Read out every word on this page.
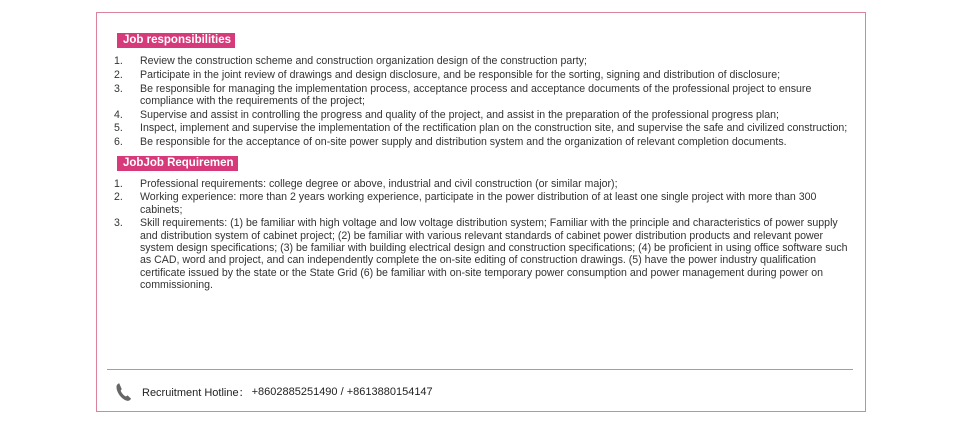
Job responsibilities
1. Review the construction scheme and construction organization design of the construction party;
2. Participate in the joint review of drawings and design disclosure, and be responsible for the sorting, signing and distribution of disclosure;
3. Be responsible for managing the implementation process, acceptance process and acceptance documents of the professional project to ensure compliance with the requirements of the project;
4. Supervise and assist in controlling the progress and quality of the project, and assist in the preparation of the professional progress plan;
5. Inspect, implement and supervise the implementation of the rectification plan on the construction site, and supervise the safe and civilized construction;
6. Be responsible for the acceptance of on-site power supply and distribution system and the organization of relevant completion documents.
JobJob Requiremen
1. Professional requirements: college degree or above, industrial and civil construction (or similar major);
2. Working experience: more than 2 years working experience, participate in the power distribution of at least one single project with more than 300 cabinets;
3. Skill requirements: (1) be familiar with high voltage and low voltage distribution system; Familiar with the principle and characteristics of power supply and distribution system of cabinet project; (2) be familiar with various relevant standards of cabinet power distribution products and relevant power system design specifications; (3) be familiar with building electrical design and construction specifications; (4) be proficient in using office software such as CAD, word and project, and can independently complete the on-site editing of construction drawings. (5) have the power industry qualification certificate issued by the state or the State Grid (6) be familiar with on-site temporary power consumption and power management during power on commissioning.
Recruitment Hotline： +8602885251490 / +8613880154147
